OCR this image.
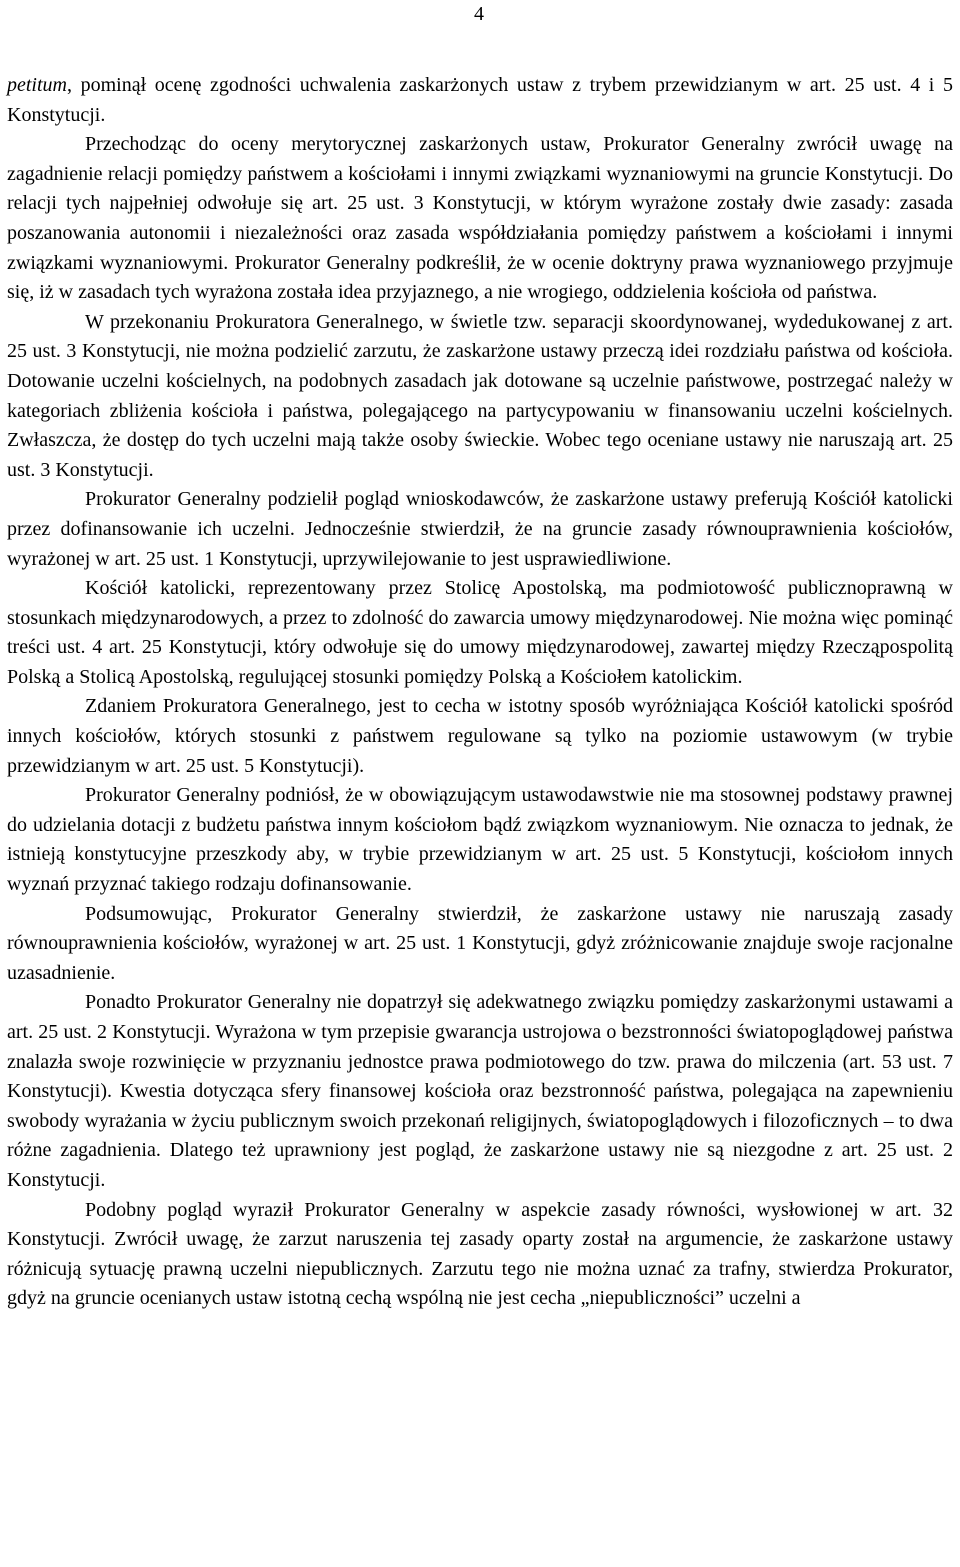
4

petitum, pominął ocenę zgodności uchwalenia zaskarżonych ustaw z trybem przewidzianym w art. 25 ust. 4 i 5 Konstytucji.

Przechodząc do oceny merytorycznej zaskarżonych ustaw, Prokurator Generalny zwrócił uwagę na zagadnienie relacji pomiędzy państwem a kościołami i innymi związkami wyznaniowymi na gruncie Konstytucji. Do relacji tych najpełniej odwołuje się art. 25 ust. 3 Konstytucji, w którym wyrażone zostały dwie zasady: zasada poszanowania autonomii i niezależności oraz zasada współdziałania pomiędzy państwem a kościołami i innymi związkami wyznaniowymi. Prokurator Generalny podkreślił, że w ocenie doktryny prawa wyznaniowego przyjmuje się, iż w zasadach tych wyrażona została idea przyjaznego, a nie wrogiego, oddzielenia kościoła od państwa.

W przekonaniu Prokuratora Generalnego, w świetle tzw. separacji skoordynowanej, wydedukowanej z art. 25 ust. 3 Konstytucji, nie można podzielić zarzutu, że zaskarżone ustawy przeczą idei rozdziału państwa od kościoła. Dotowanie uczelni kościelnych, na podobnych zasadach jak dotowane są uczelnie państwowe, postrzegać należy w kategoriach zbliżenia kościoła i państwa, polegającego na partycypowaniu w finansowaniu uczelni kościelnych. Zwłaszcza, że dostęp do tych uczelni mają także osoby świeckie. Wobec tego oceniane ustawy nie naruszają art. 25 ust. 3 Konstytucji.

Prokurator Generalny podzielił pogląd wnioskodawców, że zaskarżone ustawy preferują Kościół katolicki przez dofinansowanie ich uczelni. Jednocześnie stwierdził, że na gruncie zasady równouprawnienia kościołów, wyrażonej w art. 25 ust. 1 Konstytucji, uprzywilejowanie to jest usprawiedliwione.

Kościół katolicki, reprezentowany przez Stolicę Apostolską, ma podmiotowość publicznoprawną w stosunkach międzynarodowych, a przez to zdolność do zawarcia umowy międzynarodowej. Nie można więc pominąć treści ust. 4 art. 25 Konstytucji, który odwołuje się do umowy międzynarodowej, zawartej między Rzecząpospolitą Polską a Stolicą Apostolską, regulującej stosunki pomiędzy Polską a Kościołem katolickim.

Zdaniem Prokuratora Generalnego, jest to cecha w istotny sposób wyróżniająca Kościół katolicki spośród innych kościołów, których stosunki z państwem regulowane są tylko na poziomie ustawowym (w trybie przewidzianym w art. 25 ust. 5 Konstytucji).

Prokurator Generalny podniósł, że w obowiązującym ustawodawstwie nie ma stosownej podstawy prawnej do udzielania dotacji z budżetu państwa innym kościołom bądź związkom wyznaniowym. Nie oznacza to jednak, że istnieją konstytucyjne przeszkody aby, w trybie przewidzianym w art. 25 ust. 5 Konstytucji, kościołom innych wyznań przyznać takiego rodzaju dofinansowanie.

Podsumowując, Prokurator Generalny stwierdził, że zaskarżone ustawy nie naruszają zasady równouprawnienia kościołów, wyrażonej w art. 25 ust. 1 Konstytucji, gdyż zróżnicowanie znajduje swoje racjonalne uzasadnienie.

Ponadto Prokurator Generalny nie dopatrzył się adekwatnego związku pomiędzy zaskarżonymi ustawami a art. 25 ust. 2 Konstytucji. Wyrażona w tym przepisie gwarancja ustrojowa o bezstronności światopoglądowej państwa znalazła swoje rozwinięcie w przyznaniu jednostce prawa podmiotowego do tzw. prawa do milczenia (art. 53 ust. 7 Konstytucji). Kwestia dotycząca sfery finansowej kościoła oraz bezstronność państwa, polegająca na zapewnieniu swobody wyrażania w życiu publicznym swoich przekonań religijnych, światopoglądowych i filozoficznych – to dwa różne zagadnienia. Dlatego też uprawniony jest pogląd, że zaskarżone ustawy nie są niezgodne z art. 25 ust. 2 Konstytucji.

Podobny pogląd wyraził Prokurator Generalny w aspekcie zasady równości, wysłowionej w art. 32 Konstytucji. Zwrócił uwagę, że zarzut naruszenia tej zasady oparty został na argumencie, że zaskarżone ustawy różnicują sytuację prawną uczelni niepublicznych. Zarzutu tego nie można uznać za trafny, stwierdza Prokurator, gdyż na gruncie ocenianych ustaw istotną cechą wspólną nie jest cecha „niepubliczności” uczelni a
